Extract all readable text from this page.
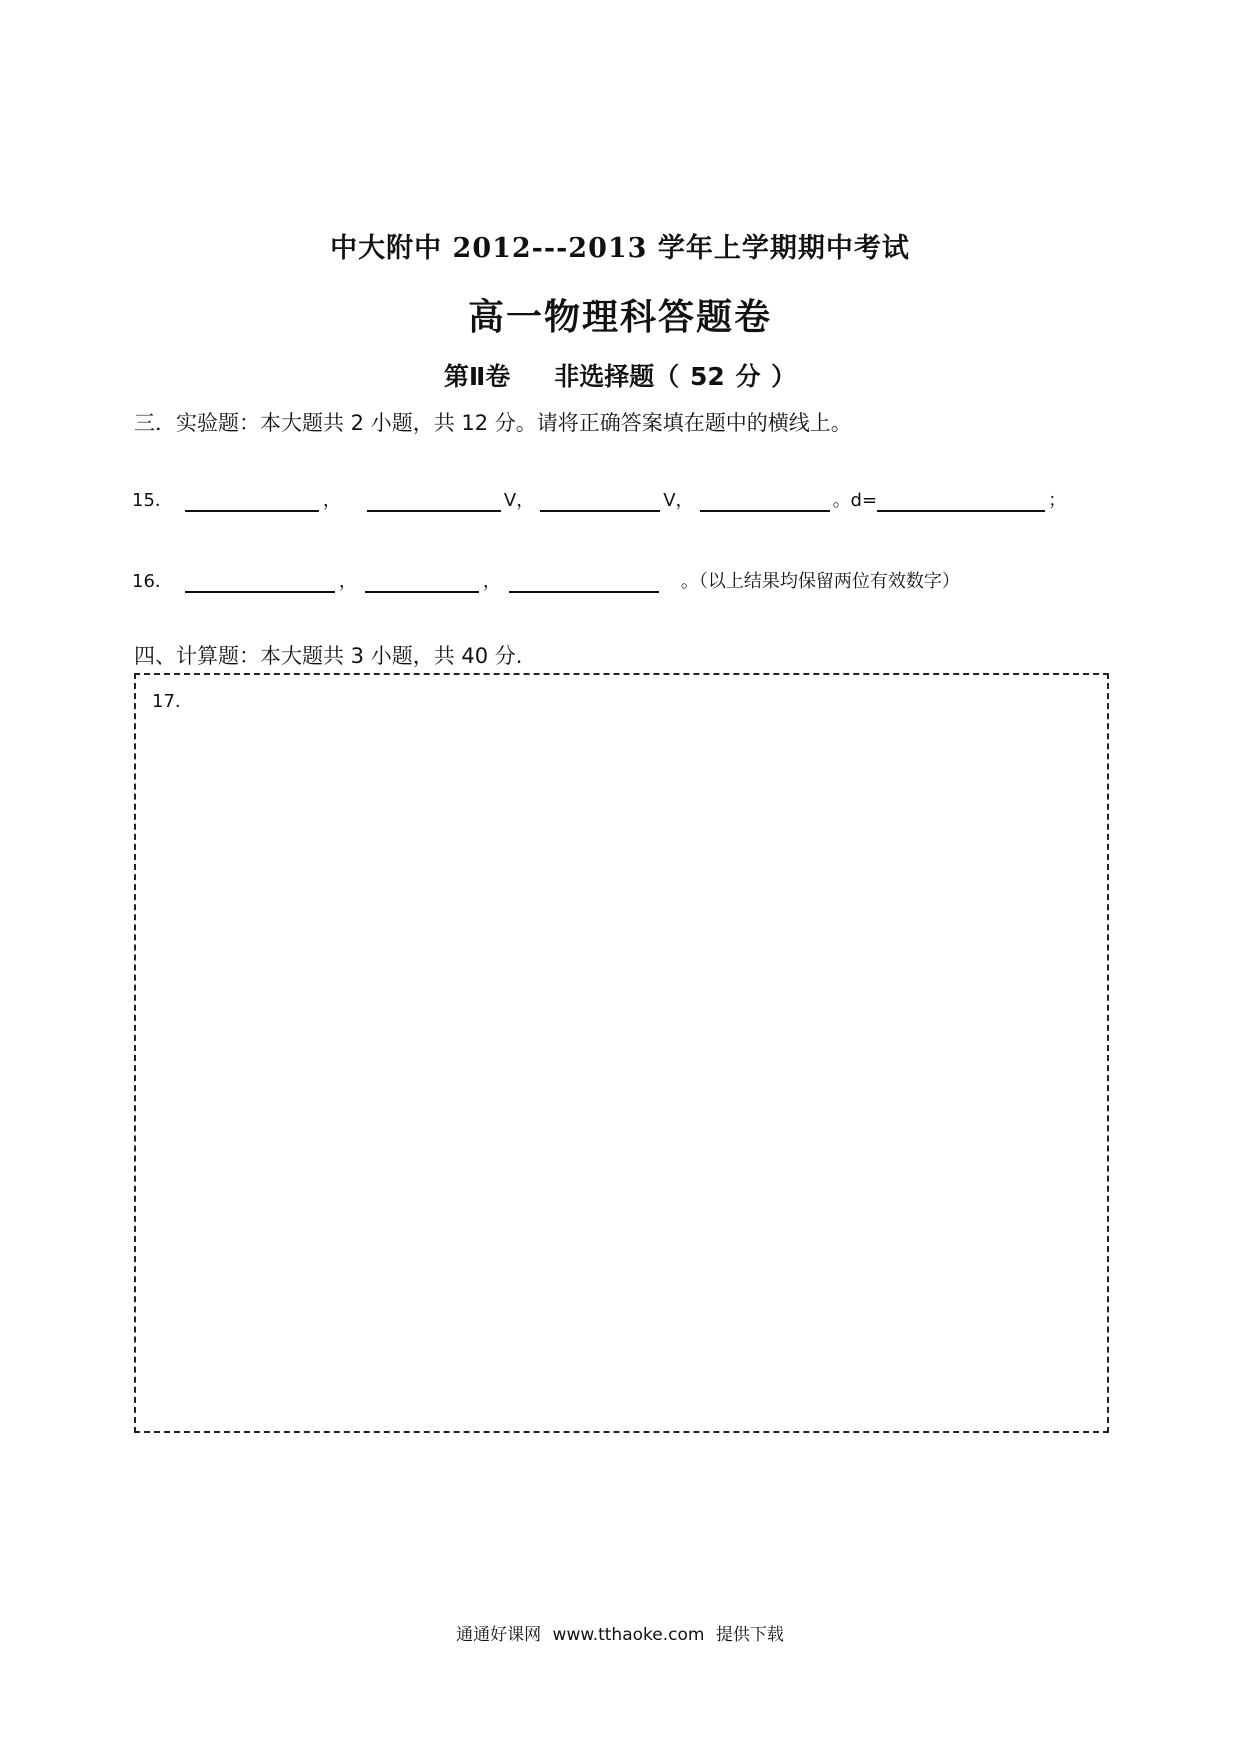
中大附中 2012---2013 学年上学期期中考试
高一物理科答题卷
第Ⅱ卷 非选择题（ 52 分 ）
三．实验题：本大题共 2 小题，共 12 分。请将正确答案填在题中的横线上。
15．	，	V，	V，	。d=	；
16．	，	，	。（以上结果均保留两位有效数字）
四、计算题：本大题共 3 小题，共 40 分.
17.
通通好课网 www.tthaoke.com 提供下载
